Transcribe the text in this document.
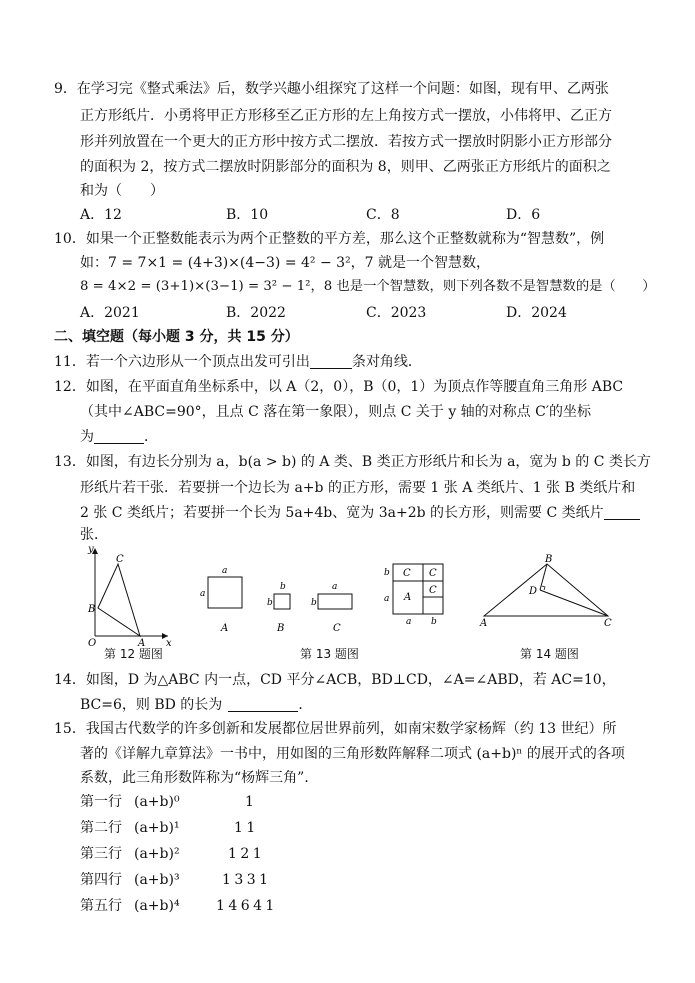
9．在学习完《整式乘法》后，数学兴趣小组探究了这样一个问题：如图，现有甲、乙两张
正方形纸片．小勇将甲正方形移至乙正方形的左上角按方式一摆放，小伟将甲、乙正方
形并列放置在一个更大的正方形中按方式二摆放．若按方式一摆放时阴影小正方形部分
的面积为 2，按方式二摆放时阴影部分的面积为 8，则甲、乙两张正方形纸片的面积之
和为（　　）
A．12	B．10	C．8	D．6
10．如果一个正整数能表示为两个正整数的平方差，那么这个正整数就称为“智慧数”，例
如：7 = 7×1 = (4+3)×(4−3) = 4² − 3²，7 就是一个智慧数，
8 = 4×2 = (3+1)×(3−1) = 3² − 1²，8 也是一个智慧数，则下列各数不是智慧数的是（　　）
A．2021	B．2022	C．2023	D．2024
二、填空题（每小题 3 分，共 15 分）
11．若一个六边形从一个顶点出发可引出	条对角线．
12．如图，在平面直角坐标系中，以 A（2，0），B（0，1）为顶点作等腰直角三角形 ABC
（其中∠ABC=90°，且点 C 落在第一象限），则点 C 关于 y 轴的对称点 C′的坐标
为	．
13．如图，有边长分别为 a，b(a > b) 的 A 类、B 类正方形纸片和长为 a，宽为 b 的 C 类长方
形纸片若干张．若要拼一个边长为 a+b 的正方形，需要 1 张 A 类纸片、1 张 B 类纸片和
2 张 C 类纸片；若要拼一个长为 5a+4b、宽为 3a+2b 的长方形，则需要 C 类纸片
张．
y
x
O	A
B
C
第 12 题图
a
a
A
b
b
B
a
b
C
第 13 题图
C
A
C
C
b
a
a b	A
B
C
D
第 14 题图
14．如图，D 为△ABC 内一点，CD 平分∠ACB，BD⊥CD，∠A=∠ABD，若 AC=10，
BC=6，则 BD 的长为	．
15．我国古代数学的许多创新和发展都位居世界前列，如南宋数学家杨辉（约 13 世纪）所
著的《详解九章算法》一书中，用如图的三角形数阵解释二项式 (a+b)ⁿ 的展开式的各项
系数，此三角形数阵称为“杨辉三角”．
第一行 (a+b)⁰	1
第二行 (a+b)¹	1 1
第三行 (a+b)²	1 2 1
第四行 (a+b)³	1 3 3 1
第五行 (a+b)⁴	1 4 6 4 1
